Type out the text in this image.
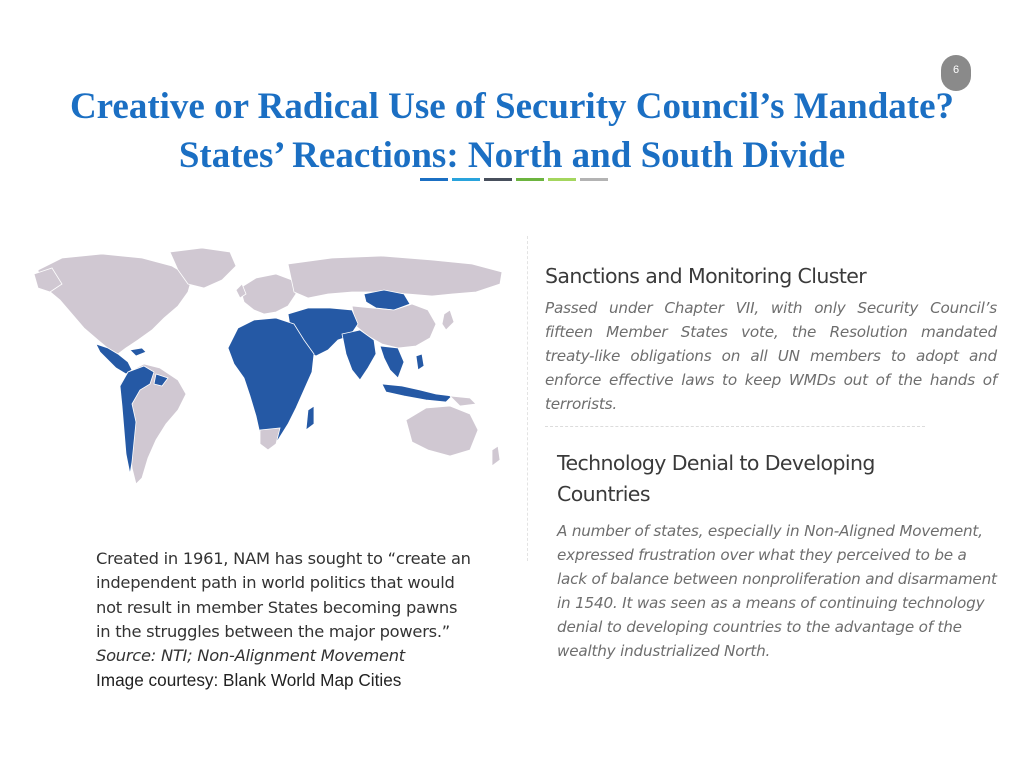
6
Creative or Radical Use of Security Council’s Mandate?
States’ Reactions: North and South Divide

Created in 1961, NAM has sought to “create an independent path in world politics that would not result in member States becoming pawns in the struggles between the major powers.”
Source: NTI; Non-Alignment Movement
Image courtesy: Blank World Map Cities

Sanctions and Monitoring Cluster

Passed under Chapter VII, with only Security Council’s fifteen Member States vote, the Resolution mandated treaty-like obligations on all UN members to adopt and enforce effective laws to keep WMDs out of the hands of terrorists.

Technology Denial to Developing Countries

A number of states, especially in Non-Aligned Movement, expressed frustration over what they perceived to be a lack of balance between nonproliferation and disarmament in 1540. It was seen as a means of continuing technology denial to developing countries to the advantage of the wealthy industrialized North.
